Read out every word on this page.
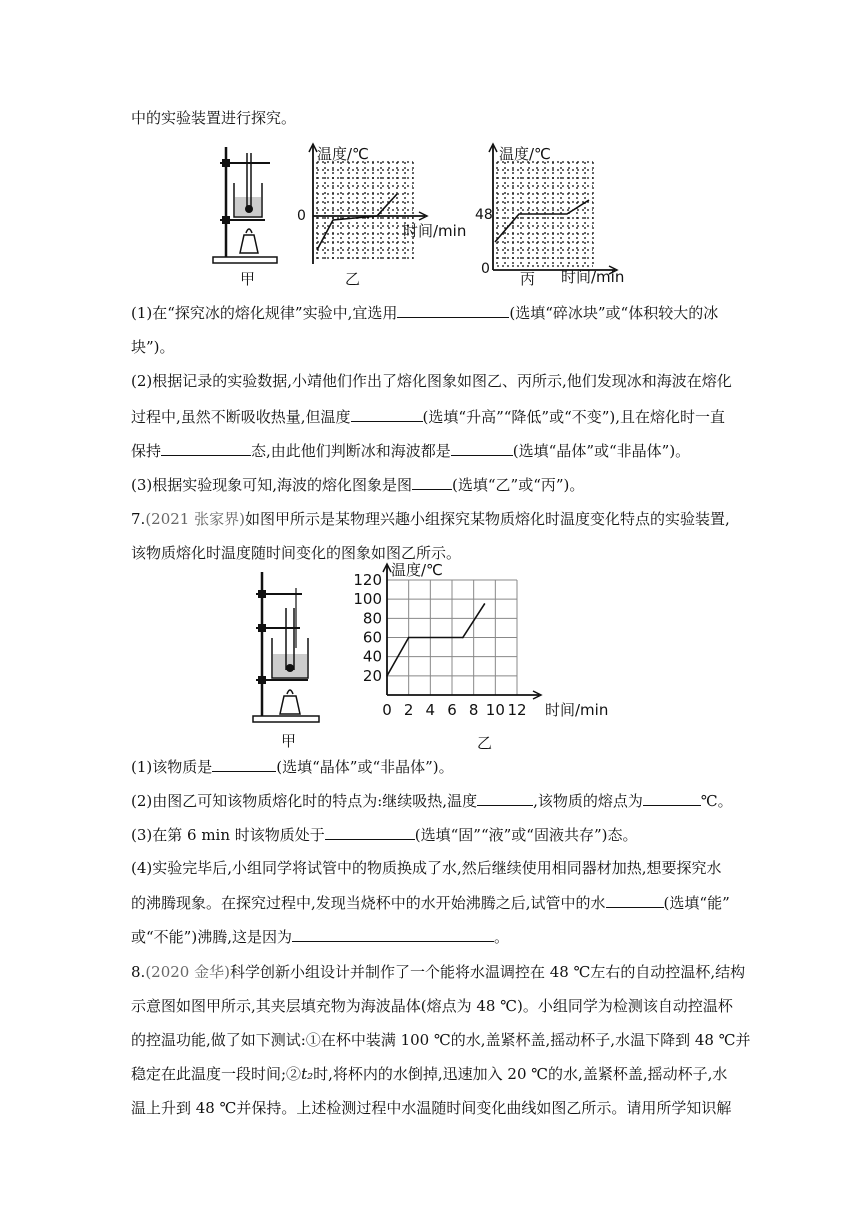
中的实验装置进行探究。
甲
温度/℃
0
时间/min
乙
温度/℃
48
0	时间/min
丙
(1)在“探究冰的熔化规律”实验中,宜选用	(选填“碎冰块”或“体积较大的冰
块”)。
(2)根据记录的实验数据,小靖他们作出了熔化图象如图乙、丙所示,他们发现冰和海波在熔化
过程中,虽然不断吸收热量,但温度	(选填“升高”“降低”或“不变”),且在熔化时一直
保持	态,由此他们判断冰和海波都是	(选填“晶体”或“非晶体”)。
(3)根据实验现象可知,海波的熔化图象是图	(选填“乙”或“丙”)。
7.(2021 张家界)如图甲所示是某物理兴趣小组探究某物质熔化时温度变化特点的实验装置,
该物质熔化时温度随时间变化的图象如图乙所示。
甲
0 2 4 6 8 10 12
20
40
60
80
100
120
温度/℃
时间/min
乙
(1)该物质是	(选填“晶体”或“非晶体”)。
(2)由图乙可知该物质熔化时的特点为:继续吸热,温度	,该物质的熔点为	℃。
(3)在第 6 min 时该物质处于	(选填“固”“液”或“固液共存”)态。
(4)实验完毕后,小组同学将试管中的物质换成了水,然后继续使用相同器材加热,想要探究水
的沸腾现象。在探究过程中,发现当烧杯中的水开始沸腾之后,试管中的水	(选填“能”
或“不能”)沸腾,这是因为	。
8.(2020 金华)科学创新小组设计并制作了一个能将水温调控在 48 ℃左右的自动控温杯,结构
示意图如图甲所示,其夹层填充物为海波晶体(熔点为 48 ℃)。小组同学为检测该自动控温杯
的控温功能,做了如下测试:①在杯中装满 100 ℃的水,盖紧杯盖,摇动杯子,水温下降到 48 ℃并
稳定在此温度一段时间;②t₂时,将杯内的水倒掉,迅速加入 20 ℃的水,盖紧杯盖,摇动杯子,水
温上升到 48 ℃并保持。上述检测过程中水温随时间变化曲线如图乙所示。请用所学知识解
